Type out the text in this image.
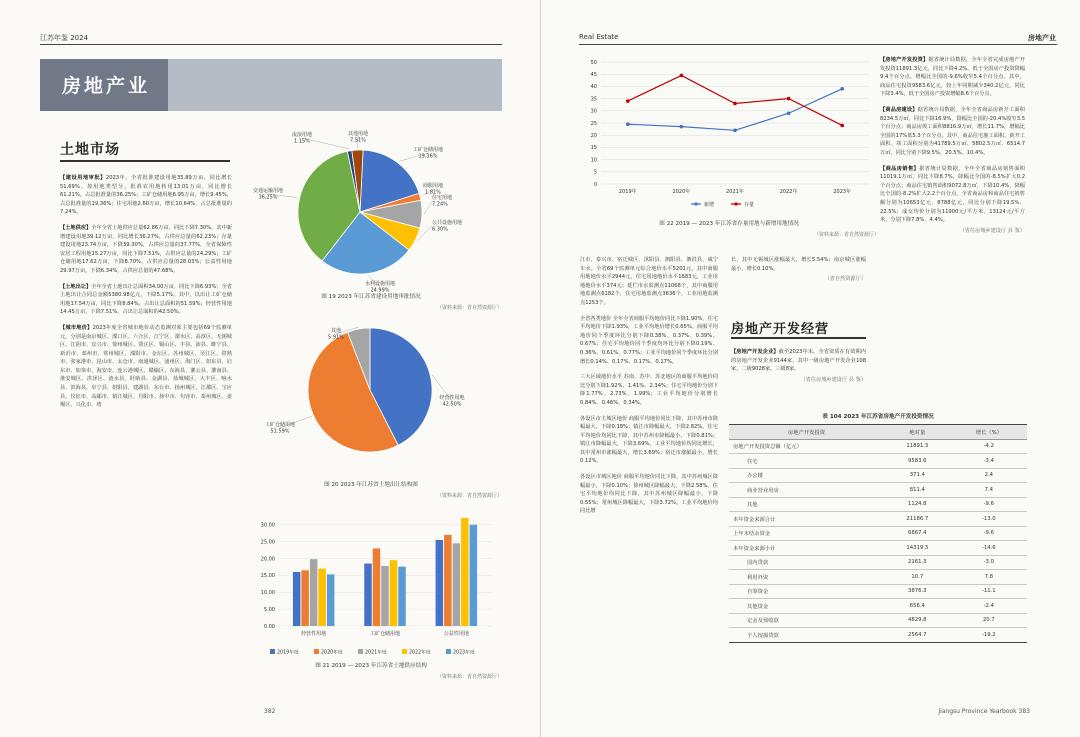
江苏年鉴 2024
房地产业
土地市场

【建设用地审批】2023年，全省批准建设用地35.89万亩，同比增长51.69%。按用地类型分，批准农用地转用13.01万亩，同比增长61.21%，占总批准量的36.25%；工矿仓储用地6.95万亩，增长9.45%，占总批准量的19.36%；住宅用地2.60万亩，增长10.64%，占总批准量的7.24%。

【土地供应】全年全省土地供应总量62.86万亩，同比下降7.30%。其中新增建设用地39.12万亩，同比增长36.27%，占供应总量的62.23%；存量建设用地23.74万亩，下降39.30%，占供应总量的37.77%。全省保障性安居工程用地15.27万亩，同比下降7.51%，占供应总量的24.29%；工矿仓储用地17.62万亩，下降8.70%，占供应总量的28.03%；公益性用地29.97万亩，下降6.34%，占供应总量的47.68%。

【土地出让】全年全省土地出让总面积34.00万亩，同比下降6.93%；全省土地出让合同总金额5380.98亿元，下降5.17%。其中，以出让工矿仓储用地17.54万亩，同比下降8.84%，占出让总面积的51.59%；经营性用地14.45万亩，下降7.51%，占出让总面积的42.50%。

【城市地价】2023年度全省城市地价动态监测对象主要包括69个监测单元，分别是南京城区、溧口区、六合区、江宁区、溧水区、高淳区、无锡城区、江阴市、宜兴市、徐州城区、贾汪区、铜山区、丰县、沛县、睢宁县、新沂市、邳州市、常州城区、溧阳市、金坛区、苏州城区、吴江区、常熟市、张家港市、昆山市、太仓市、南通城区、通州区、海门区、如东县、启东市、如皋市、海安市、连云港城区、赣榆区、东海县、灌云县、灌南县、淮安城区、洪泽区、涟水县、盱眙县、金湖县、盐城城区、大丰区、响水县、滨海县、阜宁县、射阳县、建湖县、东台市、扬州城区、江都区、宝应县、仪征市、高邮市、镇江城区、丹阳市、扬中市、句容市、泰州城区、姜堰区、兴化市、靖

工矿仓储用地
19.36%
商服用地
1.81%
住宅用地
7.24%
公共设施用地
6.30%
水利设施用地
24.99%
交通运输用地
36.25%
流浪用地
1.15%
其他用地
7.51%
图 19 2023 年江苏省建设用地审批情况
（资料来源：省自然资源厅）
经营性用地
42.50%
工矿仓储用地
51.59%
其他
5.91%
图 20 2023 年江苏省土地出让结构图
（资料来源：省自然资源厅）
0.00
5.00
10.00
15.00
20.00
25.00
30.00
经营性用地	工矿仓储用地	公益性用地
2019年度	2020年度	2021年度	2022年度	2023年度
图 21 2019 — 2023 年江苏省土地供应结构
（资料来源：省自然资源厅）
382
Real Estate	房地产业
0
5
10
15
20
25
30
35
40
45
50
2019年	2020年	2021年	2022年	2023年
新增	存量
图 22 2019 — 2023 年江苏省存量用地与新增用地情况
（资料来源：省自然资源厅）

江市、泰兴市、宿迁城区、沭阳县、泗阳县、泗洪县、威宁车水。全省69个监测单元综合地价水平5201元，其中商服用地地价水平2944元，住宅用地地价水平1683元，工业用地地价水平374元；延伫市水监测点11068个，其中商服用地监测点6182个，住宅用地监测点3636个，工业用地监测点1253个。

全省各类地价 全年全省商服平均地价同比下降1.90%，住宅平均地价下降1.93%，工业平均地价增长0.65%。商服平均地价同个季度环比分别下降0.38%、0.37%、0.39%、0.67%；住宅平均地价同个季度均环比分别下降0.19%、0.36%、0.61%、0.77%；工业平均地价同个季度环比分别增长0.14%、0.17%、0.17%、0.17%。

三大区域地价水平 苏南、苏中、苏北地区的商服平均地价同比分别下降1.92%、1.41%、2.34%；住宅平均地价分别下降1.77%、2.73%、1.99%；工业平均地价分别增长0.84%、0.46%、0.34%。

各设区市主城区地价 商服平均地价同比下降，其中苏州市降幅最大，下降0.18%；镇江市降幅最大，下降2.82%。住宅平均地价均同比下降，其中苏州市降幅最小，下降0.81%；镇江市降幅最大，下降3.69%。工业平均地价均同比增长，其中常州市涨幅最大，增长3.69%；宿迁市涨幅最小，增长0.12%。

各设区市城区地价 商服平均地价同比下降，其中苏州城区降幅最小，下降0.10%；徐州城区降幅最大，下降2.58%。住宅平均地价均同比下降，其中苏州城区降幅最小，下降0.55%；常州城区降幅最大，下降3.72%。工业平均地价均同比增

长，其中无锡城区涨幅最大，增长5.54%；南京城区涨幅最小，增长0.10%。

（省自然资源厅）
房地产开发经营

【房地产开发企业】截至2023年末，全省资质在有效期内的房地产开发企业9144家，其中一级房地产开发企业108家，二级9028家，三级8家。

（省住房城乡建设厅 县 鉴）

【房地产开发投资】据省统计局数据，全年全省完成房地产开发投资11891.3亿元，同比下降4.2%。低于全国房产投资降幅9.4个百分点。增幅比全国的-9.6%收窄5.4个百分点。其中，商品住宅投资9583.6亿元，较上年同期减少340.2亿元，同比下降3.4%，低于全国房产投资增幅8.6个百分点。

【商品房建设】据省统计局数据，全年全省商品房新开工面积8234.5万㎡，同比下降16.9%，降幅比全国的-20.4%收窄3.5个百分点；商品房竣工面积8816.9万㎡，增长11.7%，增幅比全国的17%低5.3个百分点。其中，商品住宅施工面积、新开工面积、竣工面积分别为41789.5万㎡、5802.5万㎡、6514.7万㎡，同比分别下降9.5%、20.5%、10.4%。

【商品房销售】据省统计局数据，全年全省商品房销售面积11019.1万㎡，同比下降8.7%，降幅比全国的-8.5%扩大0.2个百分点；商品住宅销售面积9072.8万㎡，下降10.4%，降幅比全国的-8.2%扩大2.2个百分点。全省商品房和商品住宅销售额分别为10653亿元、8788亿元，同比分别下降19.5%、22.5%；成交均价分别为11900元/平方米、13124元/平方米，分别下降7.8%、4.4%。

（省住房城乡建设厅 县 鉴）
表 104 2023 年江苏省房地产开发投资情况
房地产开发投资	绝对量	增长（%）
房地产开发投资总额（亿元）	11891.3	-4.2
住宅	9583.6	-3.4
办公楼	371.4	2.4
商业营业用房	811.4	7.4
其他	1124.8	-9.6
本年资金来源合计	21186.7	-13.0
上年末结余资金	6867.4	-9.6
本年资金来源小计	14319.3	-14.6
国内贷款	2161.3	-3.0
利用外资	10.7	7.8
自筹资金	3876.3	-11.1
其他资金	656.4	-2.4
定金及预收款	4829.8	20.7
个人按揭贷款	2564.7	-19.2
Jiangsu Province Yearbook 383
